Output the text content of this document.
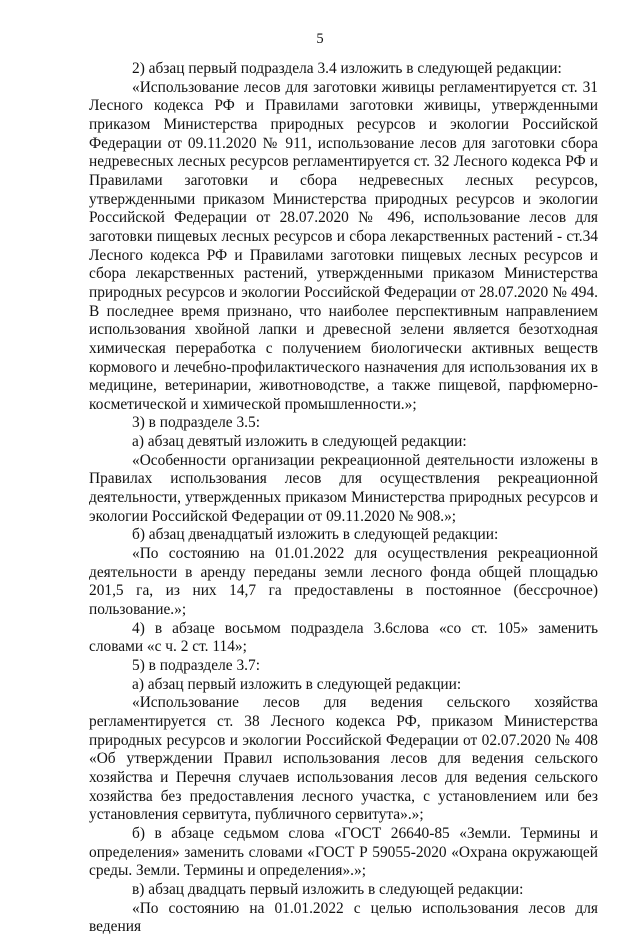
5

2) абзац первый подраздела 3.4 изложить в следующей редакции:

«Использование лесов для заготовки живицы регламентируется ст. 31 Лесного кодекса РФ и Правилами заготовки живицы, утвержденными приказом Министерства природных ресурсов и экологии Российской Федерации от 09.11.2020 № 911, использование лесов для заготовки сбора недревесных лесных ресурсов регламентируется ст. 32 Лесного кодекса РФ и Правилами заготовки и сбора недревесных лесных ресурсов, утвержденными приказом Министерства природных ресурсов и экологии Российской Федерации от 28.07.2020 № 496, использование лесов для заготовки пищевых лесных ресурсов и сбора лекарственных растений - ст.34 Лесного кодекса РФ и Правилами заготовки пищевых лесных ресурсов и сбора лекарственных растений, утвержденными приказом Министерства природных ресурсов и экологии Российской Федерации от 28.07.2020 № 494. В последнее время признано, что наиболее перспективным направлением использования хвойной лапки и древесной зелени является безотходная химическая переработка с получением биологически активных веществ кормового и лечебно-профилактического назначения для использования их в медицине, ветеринарии, животноводстве, а также пищевой, парфюмерно-косметической и химической промышленности.»;

3) в подразделе 3.5:

а) абзац девятый изложить в следующей редакции:

«Особенности организации рекреационной деятельности изложены в Правилах использования лесов для осуществления рекреационной деятельности, утвержденных приказом Министерства природных ресурсов и экологии Российской Федерации от 09.11.2020 № 908.»;

б) абзац двенадцатый изложить в следующей редакции:

«По состоянию на 01.01.2022 для осуществления рекреационной деятельности в аренду переданы земли лесного фонда общей площадью 201,5 га, из них 14,7 га предоставлены в постоянное (бессрочное) пользование.»;

4) в абзаце восьмом подраздела 3.6слова «со ст. 105» заменить словами «с ч. 2 ст. 114»;

5) в подразделе 3.7:

а) абзац первый изложить в следующей редакции:

«Использование лесов для ведения сельского хозяйства регламентируется ст. 38 Лесного кодекса РФ, приказом Министерства природных ресурсов и экологии Российской Федерации от 02.07.2020 № 408 «Об утверждении Правил использования лесов для ведения сельского хозяйства и Перечня случаев использования лесов для ведения сельского хозяйства без предоставления лесного участка, с установлением или без установления сервитута, публичного сервитута».»;

б) в абзаце седьмом слова «ГОСТ 26640-85 «Земли. Термины и определения» заменить словами «ГОСТ Р 59055-2020 «Охрана окружающей среды. Земли. Термины и определения».»;

в) абзац двадцать первый изложить в следующей редакции:

«По состоянию на 01.01.2022 с целью использования лесов для ведения
